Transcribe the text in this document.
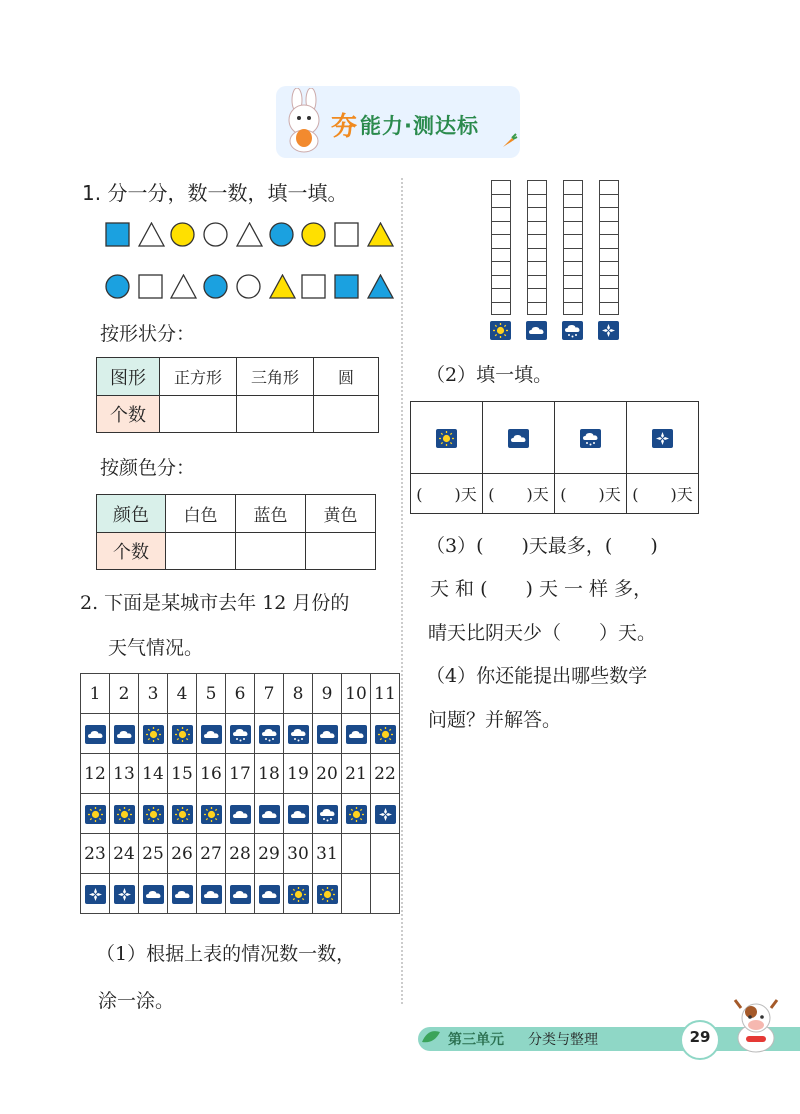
夯 能力·测达标
1. 分一分，数一数，填一填。
按形状分：
图形	正方形	三角形	圆
个数			
按颜色分：
颜色	白色	蓝色	黄色
个数			
2. 下面是某城市去年 12 月份的
天气情况。
1	2	3	4	5	6	7	8	9	10	11

12	13	14	15	16	17	18	19	20	21	22

23	24	25	26	27	28	29	30	31		

（1）根据上表的情况数一数，
涂一涂。
（2）填一填。

(　　)天	(　　)天	(　　)天	(　　)天
（3）(　　)天最多，(　　)
天 和 (　　) 天 一 样 多，
晴天比阴天少（　　）天。
（4）你还能提出哪些数学
问题？并解答。
第三单元 分类与整理	29
